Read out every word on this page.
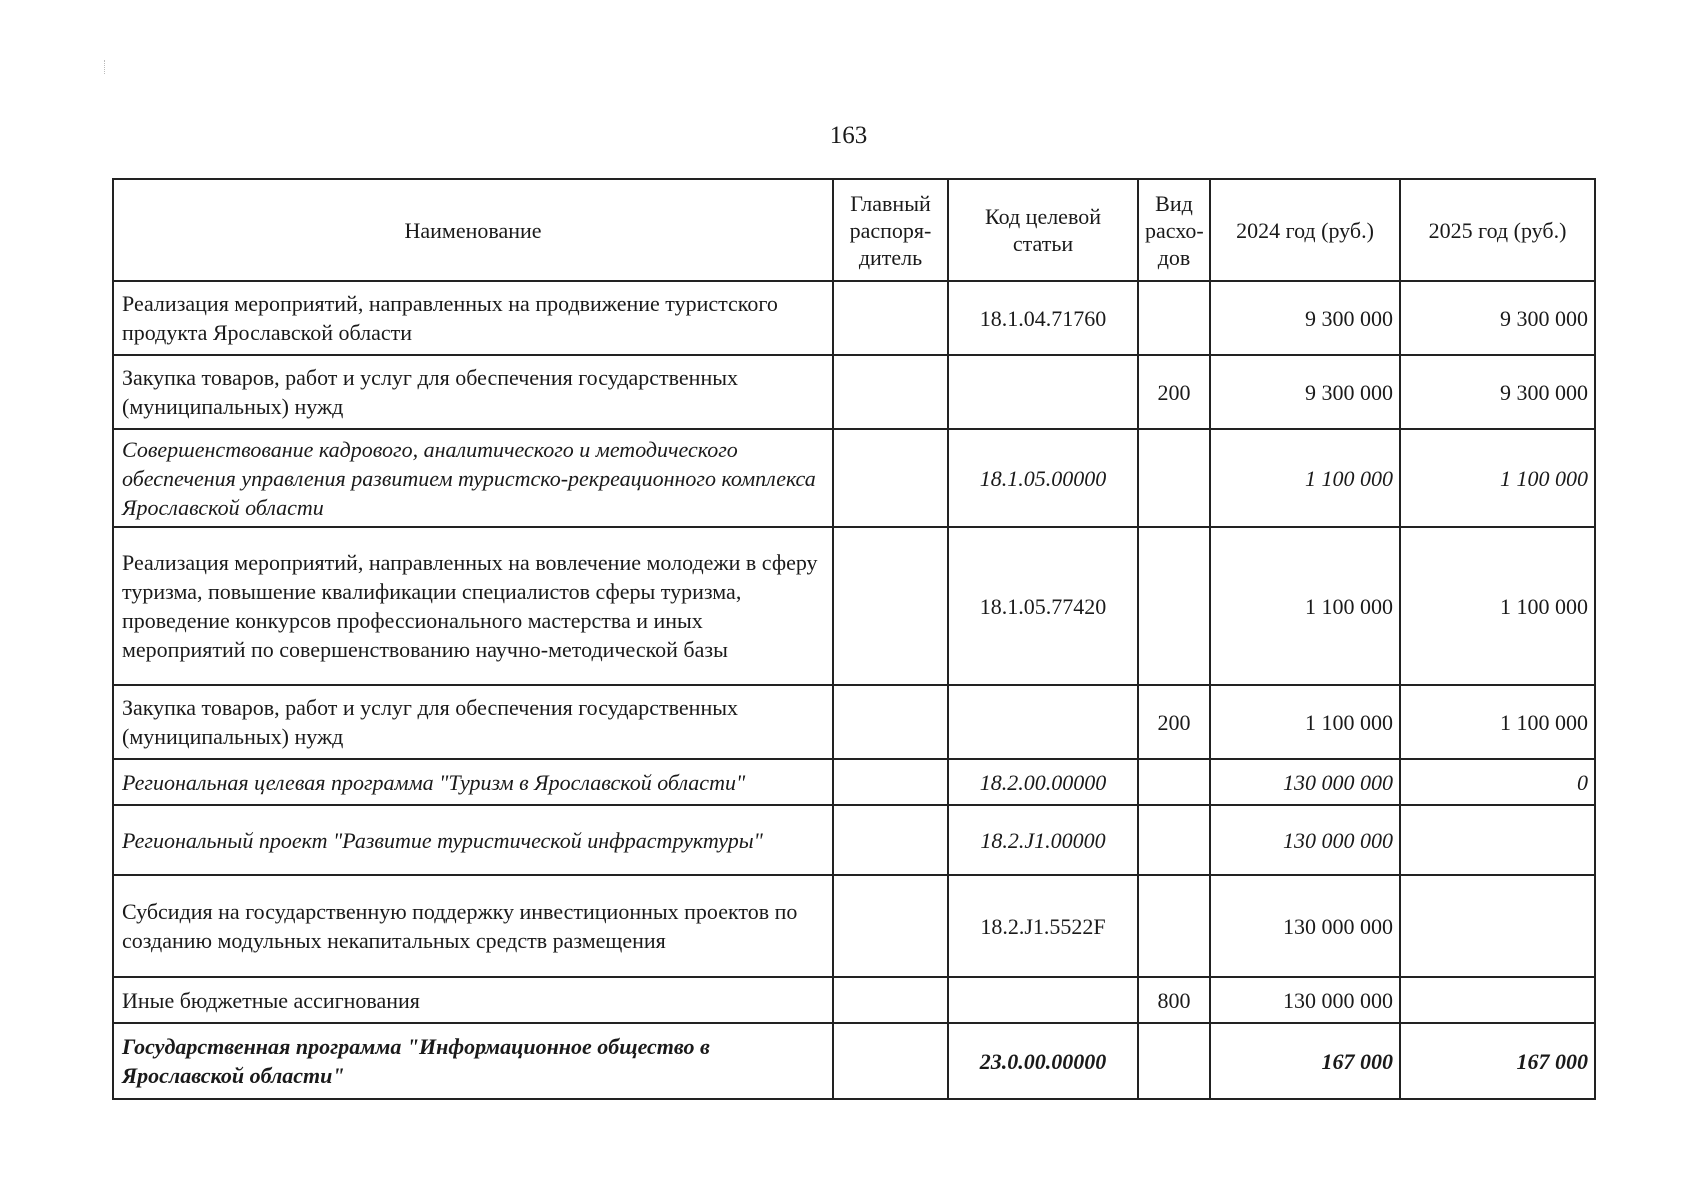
163
Наименование	Главный распоря- дитель	Код целевой статьи	Вид расхо- дов	2024 год (руб.)	2025 год (руб.)
Реализация мероприятий, направленных на продвижение туристского продукта Ярославской области		18.1.04.71760		9 300 000	9 300 000
Закупка товаров, работ и услуг для обеспечения государственных (муниципальных) нужд			200	9 300 000	9 300 000
Совершенствование кадрового, аналитического и методического обеспечения управления развитием туристско-рекреационного комплекса Ярославской области		18.1.05.00000		1 100 000	1 100 000
Реализация мероприятий, направленных на вовлечение молодежи в сферу туризма, повышение квалификации специалистов сферы туризма, проведение конкурсов профессионального мастерства и иных мероприятий по совершенствованию научно-методической базы		18.1.05.77420		1 100 000	1 100 000
Закупка товаров, работ и услуг для обеспечения государственных (муниципальных) нужд			200	1 100 000	1 100 000
Региональная целевая программа "Туризм в Ярославской области"		18.2.00.00000		130 000 000	0
Региональный проект "Развитие туристической инфраструктуры"		18.2.J1.00000		130 000 000	
Субсидия на государственную поддержку инвестиционных проектов по созданию модульных некапитальных средств размещения		18.2.J1.5522F		130 000 000	
Иные бюджетные ассигнования			800	130 000 000	
Государственная программа "Информационное общество в Ярославской области"		23.0.00.00000		167 000	167 000
